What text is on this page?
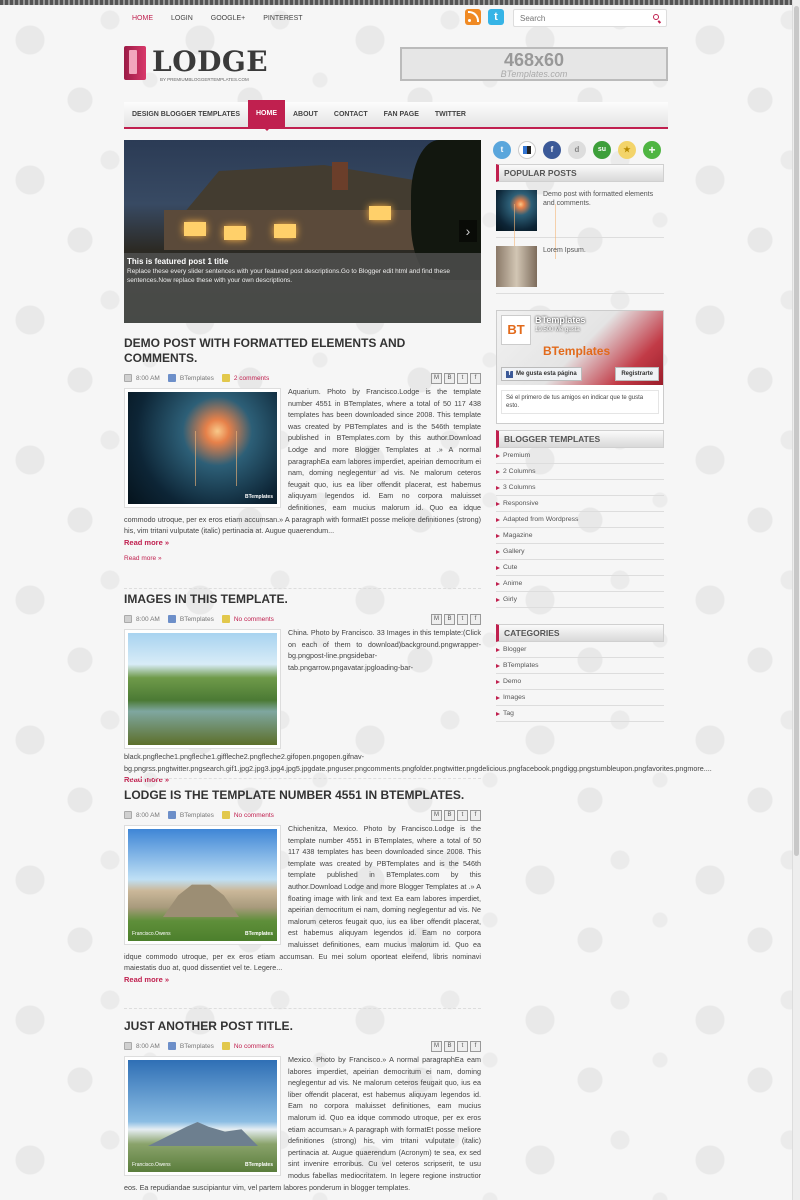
HOME	LOGIN	GOOGLE+	PINTEREST	t
Search
LODGE
BY PREMIUMBLOGGERTEMPLATES.COM
468x60
BTemplates.com
DESIGN BLOGGER TEMPLATES	HOME	ABOUT	CONTACT	FAN PAGE	TWITTER
›
This is featured post 1 title
Replace these every slider sentences with your featured post descriptions.Go to Blogger edit html and find these sentences.Now replace these with your own descriptions.
DEMO POST WITH FORMATTED ELEMENTS AND COMMENTS.
8:00 AM	BTemplates	2 comments	M	B	t	f
BTemplates

Aquarium. Photo by Francisco.Lodge is the template number 4551 in BTemplates, where a total of 50 117 438 templates has been downloaded since 2008. This template was created by PBTemplates and is the 546th template published in BTemplates.com by this author.Download Lodge and more Blogger Templates at .» A normal paragraphEa eam labores imperdiet, apeirian democritum ei nam, doming neglegentur ad vis. Ne malorum ceteros feugait quo, ius ea liber offendit placerat, est habemus aliquyam legendos id. Eam no corpora maluisset definitiones, eam mucius malorum id. Quo ea idque commodo utroque, per ex eros etiam accumsan.» A paragraph with formatEt posse meliore definitiones (strong) his, vim tritani vulputate (italic) pertinacia at. Augue quaerendum...

Read more »
Read more »
IMAGES IN THIS TEMPLATE.
8:00 AM	BTemplates	No comments	M	B	t	f

China. Photo by Francisco. 33 Images in this template:(Click on each of them to download)background.pngwrapper-bg.pngpost-line.pngsidebar-tab.pngarrow.pngavatar.jpgloading-bar-black.pngfleche1.pngfleche1.giffleche2.pngfleche2.gifopen.pngopen.gifnav-bg.pngrss.pngtwitter.pngsearch.gif1.jpg2.jpg3.jpg4.jpg5.jpgdate.pnguser.pngcomments.pngfolder.pngtwitter.pngdelicious.pngfacebook.pngdigg.pngstumbleupon.pngfavorites.pngmore....

Read more »
LODGE IS THE TEMPLATE NUMBER 4551 IN BTEMPLATES.
8:00 AM	BTemplates	No comments	M	B	t	f
Francisco.Owens	BTemplates

Chichenitza, Mexico. Photo by Francisco.Lodge is the template number 4551 in BTemplates, where a total of 50 117 438 templates has been downloaded since 2008. This template was created by PBTemplates and is the 546th template published in BTemplates.com by this author.Download Lodge and more Blogger Templates at .» A floating image with link and text Ea eam labores imperdiet, apeirian democritum ei nam, doming neglegentur ad vis. Ne malorum ceteros feugait quo, ius ea liber offendit placerat, est habemus aliquyam legendos id. Eam no corpora maluisset definitiones, eam mucius malorum id. Quo ea idque commodo utroque, per ex eros etiam accumsan. Eu mei solum oporteat eleifend, libris nominavi maiestatis duo at, quod dissentiet vel te. Legere...

Read more »
JUST ANOTHER POST TITLE.
8:00 AM	BTemplates	No comments	M	B	t	f
Francisco.Owens	BTemplates

Mexico. Photo by Francisco.» A normal paragraphEa eam labores imperdiet, apeirian democritum ei nam, doming neglegentur ad vis. Ne malorum ceteros feugait quo, ius ea liber offendit placerat, est habemus aliquyam legendos id. Eam no corpora maluisset definitiones, eam mucius malorum id. Quo ea idque commodo utroque, per ex eros etiam accumsan.» A paragraph with formatEt posse meliore definitiones (strong) his, vim tritani vulputate (italic) pertinacia at. Augue quaerendum (Acronym) te sea, ex sed sint invenire erroribus. Cu vel ceteros scripserit, te usu modus fabellas mediocritatem. In legere regione instructior eos. Ea repudiandae suscipiantur vim, vel partem labores ponderum in blogger templates.

t	f	d	su	★	+
POPULAR POSTS
Demo post with formatted elements and comments.
Lorem Ipsum.
BT
BTemplates
19.500 Me gusta
BTemplates
f Me gusta esta página	Registrarte
Sé el primero de tus amigos en indicar que te gusta esto.
BLOGGER TEMPLATES
Premium
2 Columns
3 Columns
Responsive
Adapted from Wordpress
Magazine
Gallery
Cute
Anime
Girly
CATEGORIES
Blogger
BTemplates
Demo
Images
Tag
